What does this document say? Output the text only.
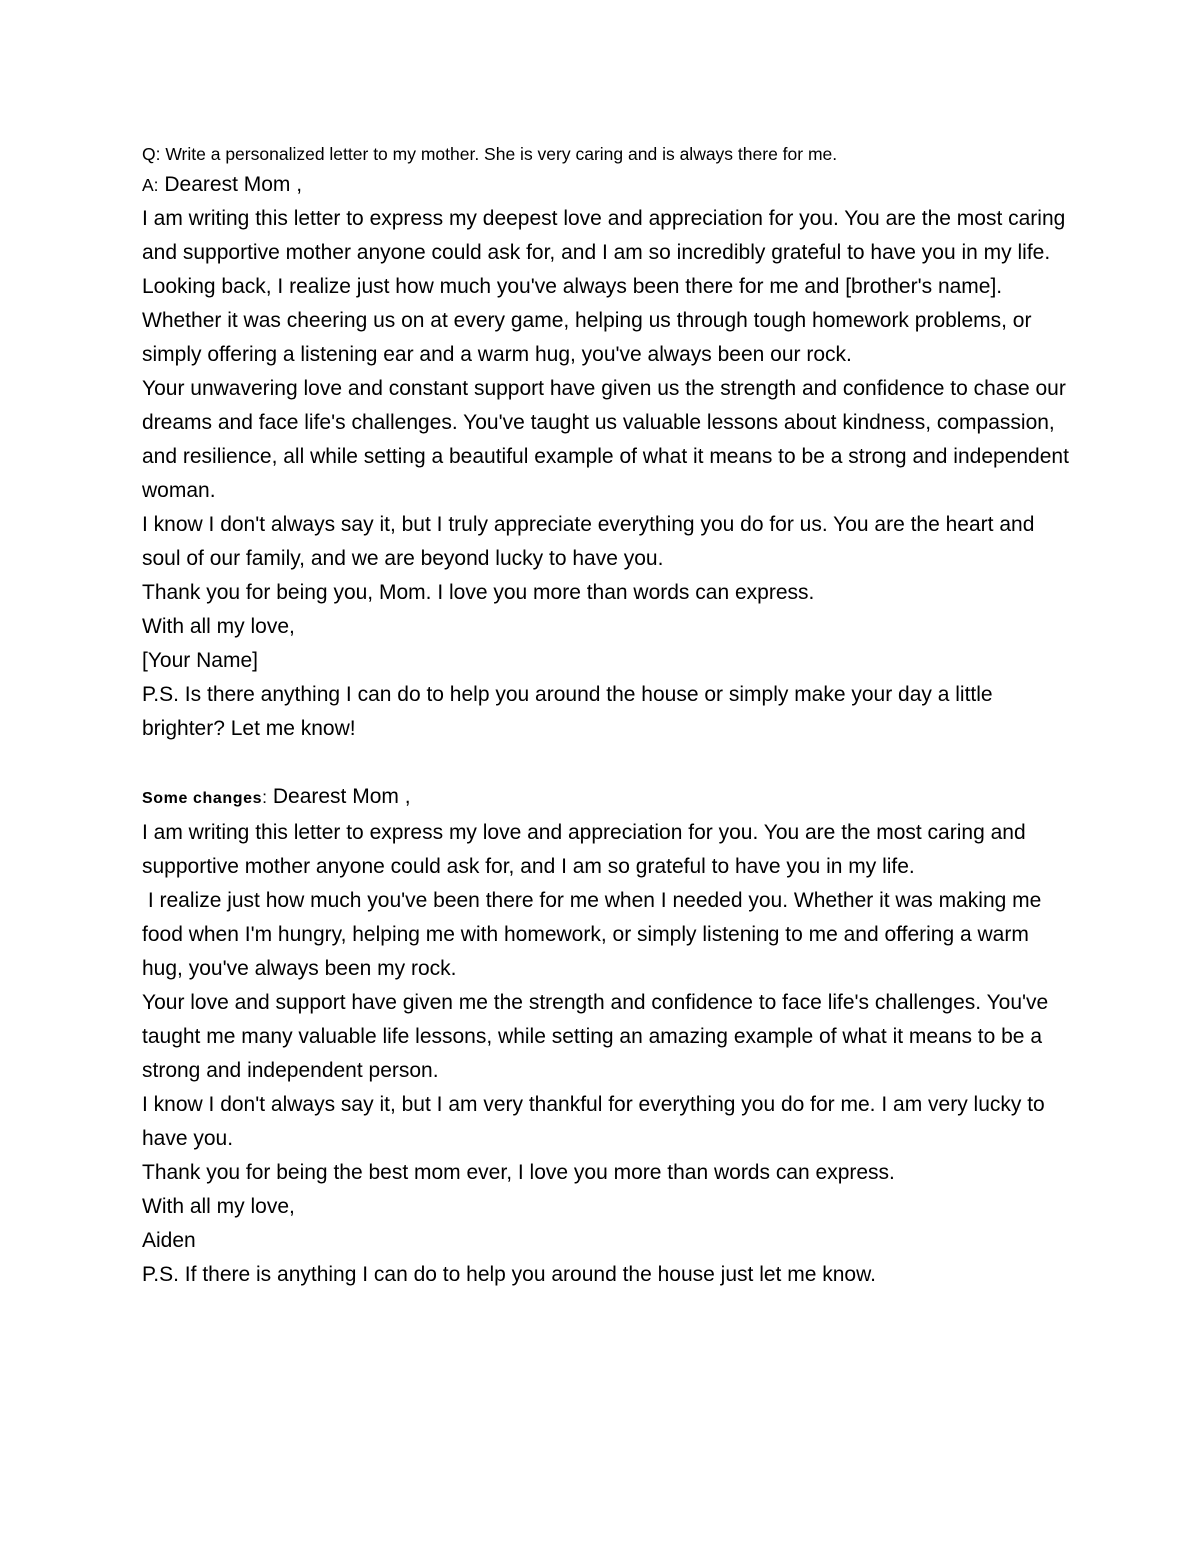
Q: Write a personalized letter to my mother. She is very caring and is always there for me.
A: Dearest Mom ,

I am writing this letter to express my deepest love and appreciation for you. You are the most caring and supportive mother anyone could ask for, and I am so incredibly grateful to have you in my life.

Looking back, I realize just how much you've always been there for me and [brother's name]. Whether it was cheering us on at every game, helping us through tough homework problems, or simply offering a listening ear and a warm hug, you've always been our rock.

Your unwavering love and constant support have given us the strength and confidence to chase our dreams and face life's challenges. You've taught us valuable lessons about kindness, compassion, and resilience, all while setting a beautiful example of what it means to be a strong and independent woman.

I know I don't always say it, but I truly appreciate everything you do for us. You are the heart and soul of our family, and we are beyond lucky to have you.

Thank you for being you, Mom. I love you more than words can express.

With all my love,

[Your Name]

P.S. Is there anything I can do to help you around the house or simply make your day a little brighter? Let me know!

Some changes: Dearest Mom ,

I am writing this letter to express my love and appreciation for you. You are the most caring and supportive mother anyone could ask for, and I am so grateful to have you in my life.

I realize just how much you've been there for me when I needed you. Whether it was making me food when I'm hungry, helping me with homework, or simply listening to me and offering a warm hug, you've always been my rock.

Your love and support have given me the strength and confidence to face life's challenges. You've taught me many valuable life lessons, while setting an amazing example of what it means to be a strong and independent person.

I know I don't always say it, but I am very thankful for everything you do for me. I am very lucky to have you.

Thank you for being the best mom ever, I love you more than words can express.

With all my love,

Aiden

P.S. If there is anything I can do to help you around the house just let me know.
